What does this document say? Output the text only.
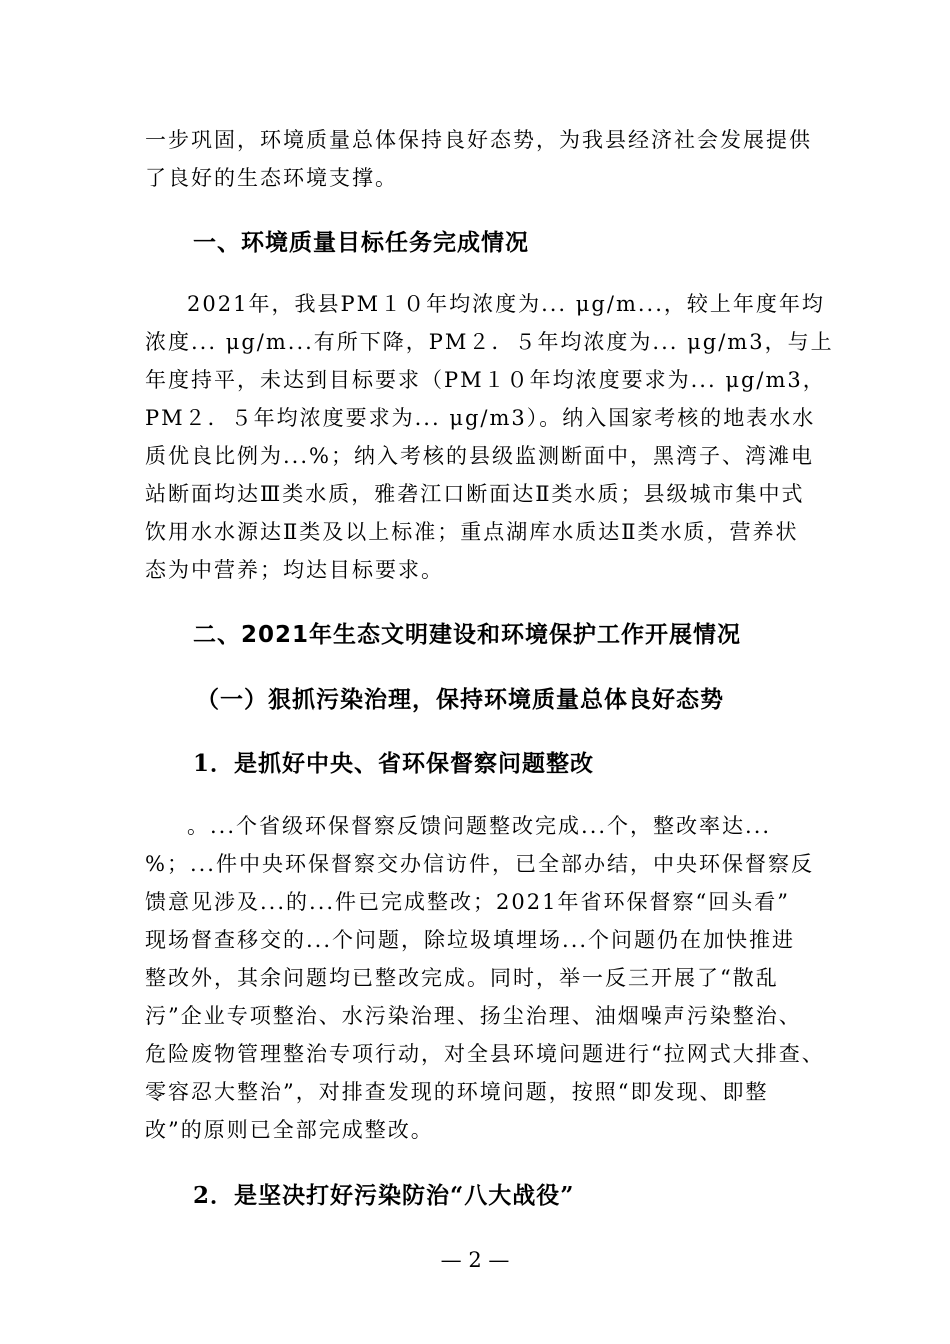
一步巩固，环境质量总体保持良好态势，为我县经济社会发展提供
了良好的生态环境支撑。
一、环境质量目标任务完成情况
2021年，我县PM１０年均浓度为... μg/m...，较上年度年均
浓度... μg/m...有所下降，PM２．５年均浓度为... μg/m3，与上
年度持平，未达到目标要求（PM１０年均浓度要求为... μg/m3，
PM２．５年均浓度要求为... μg/m3）。纳入国家考核的地表水水
质优良比例为...%；纳入考核的县级监测断面中，黑湾子、湾滩电
站断面均达Ⅲ类水质，雅砻江口断面达Ⅱ类水质；县级城市集中式
饮用水水源达Ⅱ类及以上标准；重点湖库水质达Ⅱ类水质，营养状
态为中营养；均达目标要求。
二、2021年生态文明建设和环境保护工作开展情况
（一）狠抓污染治理，保持环境质量总体良好态势
1．是抓好中央、省环保督察问题整改
。...个省级环保督察反馈问题整改完成...个，整改率达...
%；...件中央环保督察交办信访件，已全部办结，中央环保督察反
馈意见涉及...的...件已完成整改；2021年省环保督察“回头看”
现场督查移交的...个问题，除垃圾填埋场...个问题仍在加快推进
整改外，其余问题均已整改完成。同时，举一反三开展了“散乱
污”企业专项整治、水污染治理、扬尘治理、油烟噪声污染整治、
危险废物管理整治专项行动，对全县环境问题进行“拉网式大排查、
零容忍大整治”，对排查发现的环境问题，按照“即发现、即整
改”的原则已全部完成整改。
2．是坚决打好污染防治“八大战役”
— 2 —
